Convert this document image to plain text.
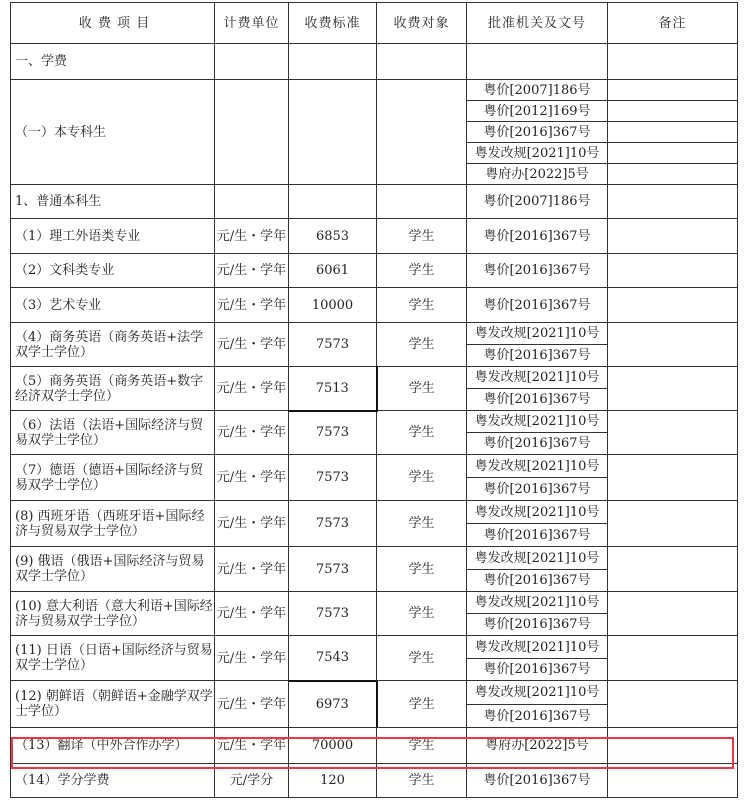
收 费 项 目	计费单位	收费标准	收费对象	批准机关及文号	备注
一、学费					
（一）本专科生				粤价[2007]186号	
				粤价[2012]169号	
				粤价[2016]367号	
				粤发改规[2021]10号	
				粤府办[2022]5号	
1、普通本科生				粤价[2007]186号	
（1）理工外语类专业	元/生・学年	6853	学生	粤价[2016]367号	
（2）文科类专业	元/生・学年	6061	学生	粤价[2016]367号	
（3）艺术专业	元/生・学年	10000	学生	粤价[2016]367号	
（4）商务英语（商务英语+法学双学士学位）	元/生・学年	7573	学生	粤发改规[2021]10号	
				粤价[2016]367号	
（5）商务英语（商务英语+数字经济双学士学位）	元/生・学年	7513	学生	粤发改规[2021]10号	
				粤价[2016]367号	
（6）法语（法语+国际经济与贸易双学士学位）	元/生・学年	7573	学生	粤发改规[2021]10号	
				粤价[2016]367号	
（7）德语（德语+国际经济与贸易双学士学位）	元/生・学年	7573	学生	粤发改规[2021]10号	
				粤价[2016]367号	
(8) 西班牙语（西班牙语+国际经济与贸易双学士学位）	元/生・学年	7573	学生	粤发改规[2021]10号	
				粤价[2016]367号	
(9) 俄语（俄语+国际经济与贸易双学士学位）	元/生・学年	7573	学生	粤发改规[2021]10号	
				粤价[2016]367号	
(10) 意大利语（意大利语+国际经济与贸易双学士学位）	元/生・学年	7573	学生	粤发改规[2021]10号	
				粤价[2016]367号	
(11) 日语（日语+国际经济与贸易双学士学位）	元/生・学年	7543	学生	粤发改规[2021]10号	
				粤价[2016]367号	
(12) 朝鲜语（朝鲜语+金融学双学士学位）	元/生・学年	6973	学生	粤发改规[2021]10号	
				粤价[2016]367号	
（13）翻译（中外合作办学）	元/生・学年	70000	学生	粤府办[2022]5号	
（14）学分学费	元/学分	120	学生	粤价[2016]367号	
